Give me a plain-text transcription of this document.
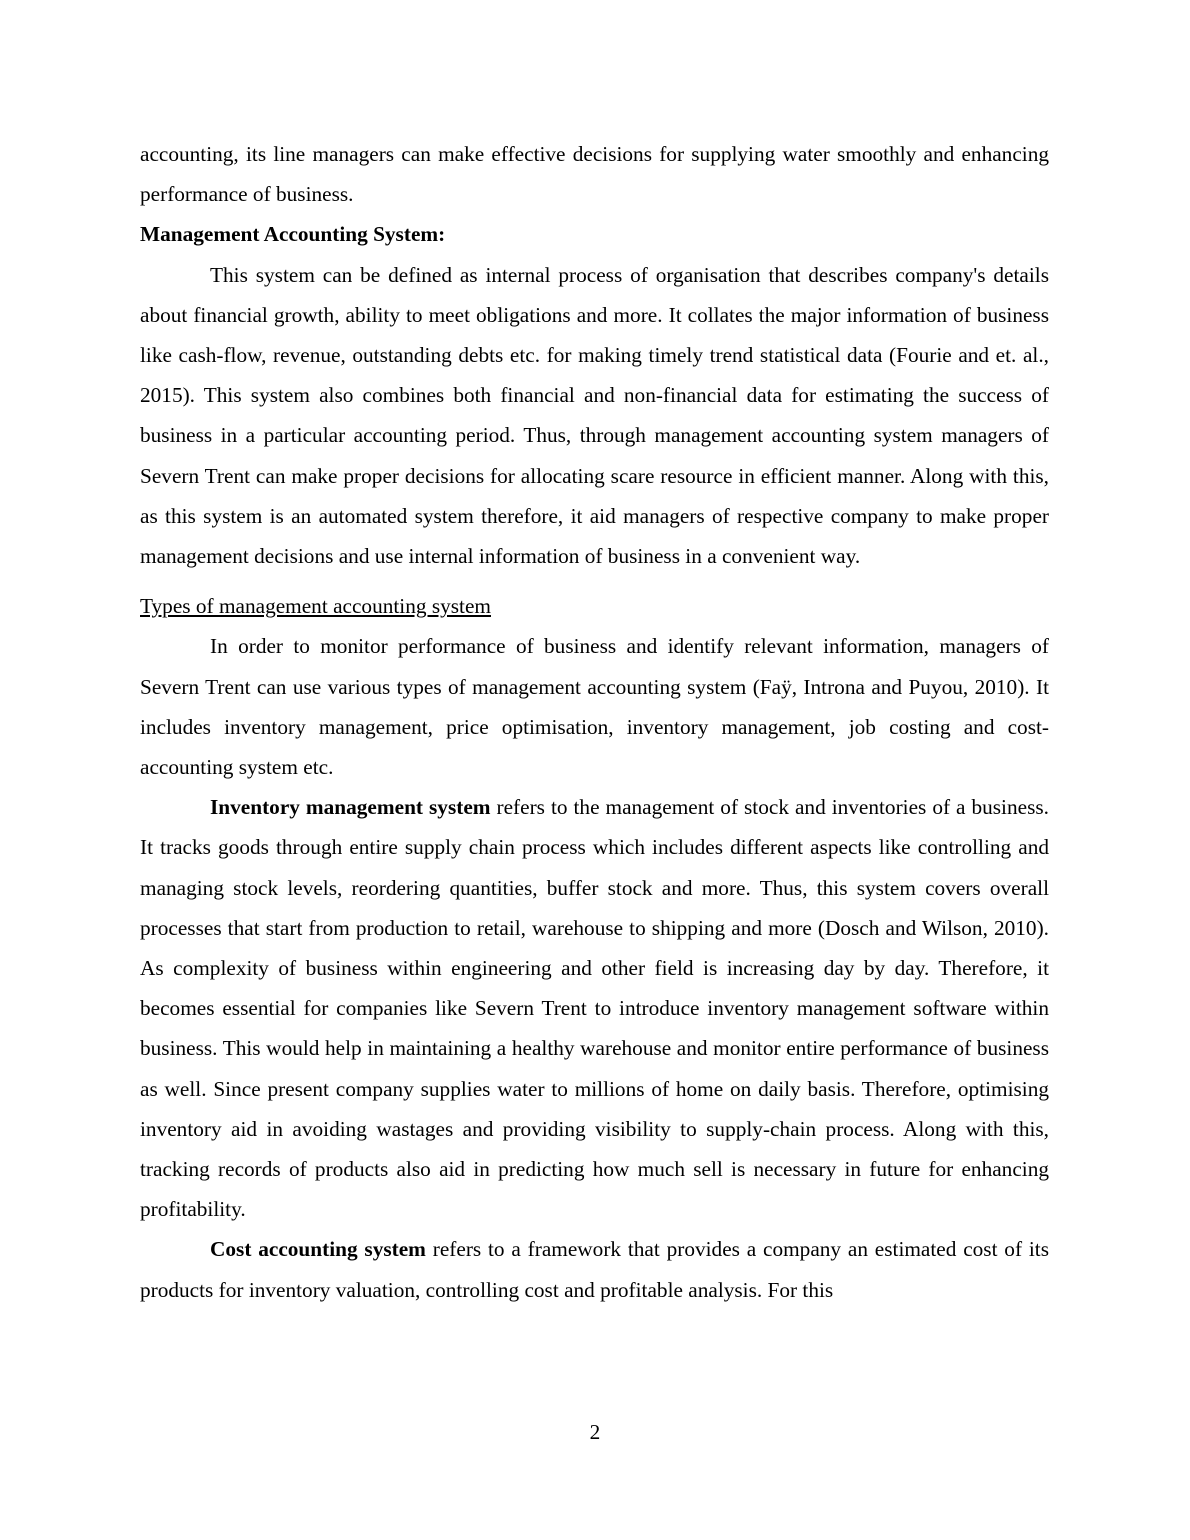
accounting, its line managers can make effective decisions for supplying water smoothly and enhancing performance of business.

Management Accounting System:

This system can be defined as internal process of organisation that describes company's details about financial growth, ability to meet obligations and more. It collates the major information of business like cash-flow, revenue, outstanding debts etc. for making timely trend statistical data (Fourie and et. al., 2015). This system also combines both financial and non-financial data for estimating the success of business in a particular accounting period. Thus, through management accounting system managers of Severn Trent can make proper decisions for allocating scare resource in efficient manner. Along with this, as this system is an automated system therefore, it aid managers of respective company to make proper management decisions and use internal information of business in a convenient way.

Types of management accounting system

In order to monitor performance of business and identify relevant information, managers of Severn Trent can use various types of management accounting system (Faÿ, Introna and Puyou, 2010). It includes inventory management, price optimisation, inventory management, job costing and cost-accounting system etc.

Inventory management system refers to the management of stock and inventories of a business. It tracks goods through entire supply chain process which includes different aspects like controlling and managing stock levels, reordering quantities, buffer stock and more. Thus, this system covers overall processes that start from production to retail, warehouse to shipping and more (Dosch and Wilson, 2010). As complexity of business within engineering and other field is increasing day by day. Therefore, it becomes essential for companies like Severn Trent to introduce inventory management software within business. This would help in maintaining a healthy warehouse and monitor entire performance of business as well. Since present company supplies water to millions of home on daily basis. Therefore, optimising inventory aid in avoiding wastages and providing visibility to supply-chain process. Along with this, tracking records of products also aid in predicting how much sell is necessary in future for enhancing profitability.

Cost accounting system refers to a framework that provides a company an estimated cost of its products for inventory valuation, controlling cost and profitable analysis. For this

2
